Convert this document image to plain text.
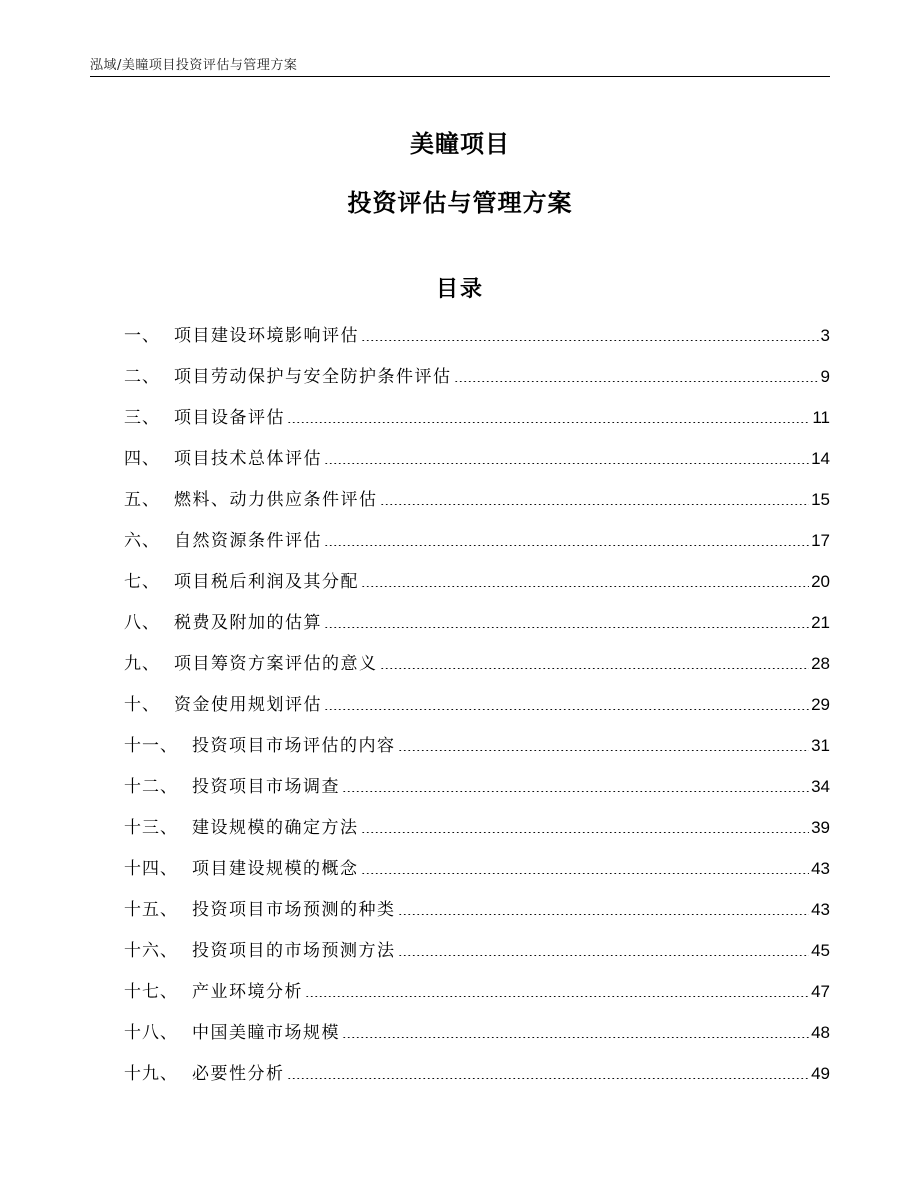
泓域/美瞳项目投资评估与管理方案
美瞳项目
投资评估与管理方案
目录
一、 项目建设环境影响评估	3
二、 项目劳动保护与安全防护条件评估	9
三、 项目设备评估	11
四、 项目技术总体评估	14
五、 燃料、动力供应条件评估	15
六、 自然资源条件评估	17
七、 项目税后利润及其分配	20
八、 税费及附加的估算	21
九、 项目筹资方案评估的意义	28
十、 资金使用规划评估	29
十一、 投资项目市场评估的内容	31
十二、 投资项目市场调查	34
十三、 建设规模的确定方法	39
十四、 项目建设规模的概念	43
十五、 投资项目市场预测的种类	43
十六、 投资项目的市场预测方法	45
十七、 产业环境分析	47
十八、 中国美瞳市场规模	48
十九、 必要性分析	49
